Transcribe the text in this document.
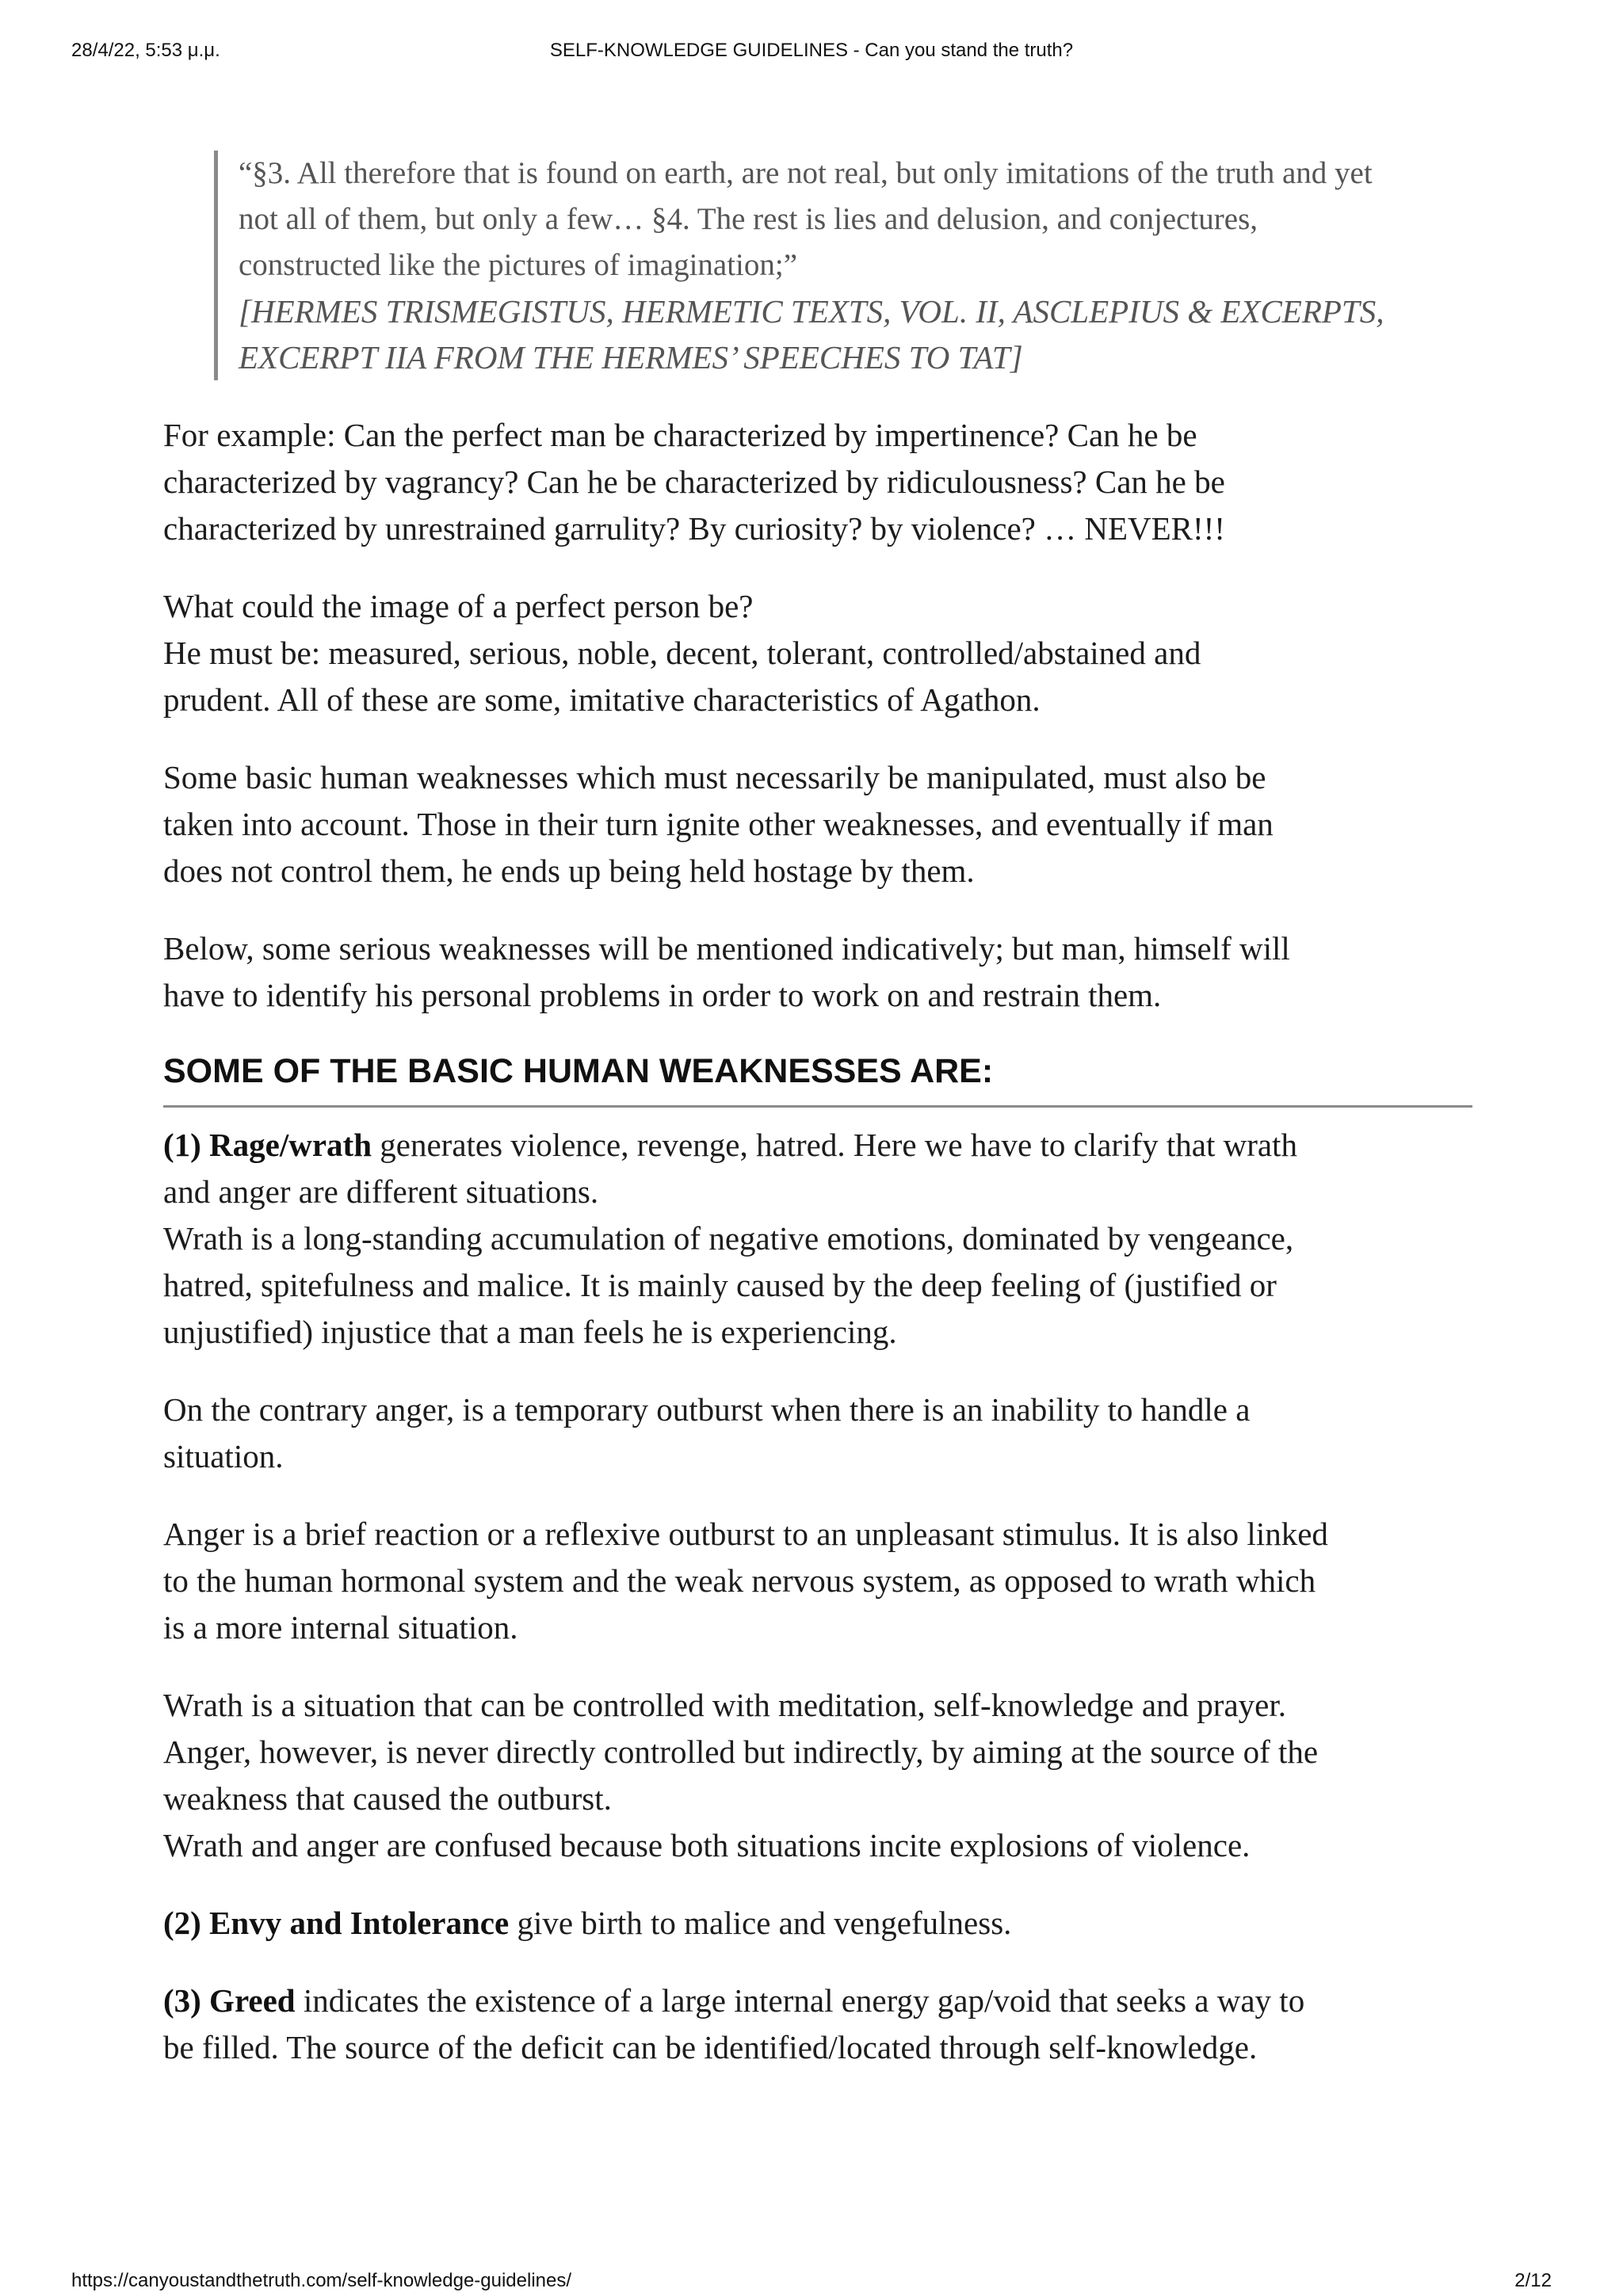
28/4/22, 5:53 μ.μ.	SELF-KNOWLEDGE GUIDELINES - Can you stand the truth?
“§3. All therefore that is found on earth, are not real, but only imitations of the truth and yet
not all of them, but only a few… §4. The rest is lies and delusion, and conjectures,
constructed like the pictures of imagination;”
[HERMES TRISMEGISTUS, HERMETIC TEXTS, VOL. II, ASCLEPIUS & EXCERPTS,
EXCERPT IIA FROM THE HERMES’ SPEECHES TO TAT]

For example: Can the perfect man be characterized by impertinence? Can he be
characterized by vagrancy? Can he be characterized by ridiculousness? Can he be
characterized by unrestrained garrulity? By curiosity? by violence? … NEVER!!!

What could the image of a perfect person be?
He must be: measured, serious, noble, decent, tolerant, controlled/abstained and
prudent. All of these are some, imitative characteristics of Agathon.

Some basic human weaknesses which must necessarily be manipulated, must also be
taken into account. Those in their turn ignite other weaknesses, and eventually if man
does not control them, he ends up being held hostage by them.

Below, some serious weaknesses will be mentioned indicatively; but man, himself will
have to identify his personal problems in order to work on and restrain them.

SOME OF THE BASIC HUMAN WEAKNESSES ARE:

(1) Rage/wrath generates violence, revenge, hatred. Here we have to clarify that wrath
and anger are different situations.
Wrath is a long-standing accumulation of negative emotions, dominated by vengeance,
hatred, spitefulness and malice. It is mainly caused by the deep feeling of (justified or
unjustified) injustice that a man feels he is experiencing.

On the contrary anger, is a temporary outburst when there is an inability to handle a
situation.

Anger is a brief reaction or a reflexive outburst to an unpleasant stimulus. It is also linked
to the human hormonal system and the weak nervous system, as opposed to wrath which
is a more internal situation.

Wrath is a situation that can be controlled with meditation, self-knowledge and prayer.
Anger, however, is never directly controlled but indirectly, by aiming at the source of the
weakness that caused the outburst.
Wrath and anger are confused because both situations incite explosions of violence.

(2) Envy and Intolerance give birth to malice and vengefulness.

(3) Greed indicates the existence of a large internal energy gap/void that seeks a way to
be filled. The source of the deficit can be identified/located through self-knowledge.

https://canyoustandthetruth.com/self-knowledge-guidelines/	2/12
